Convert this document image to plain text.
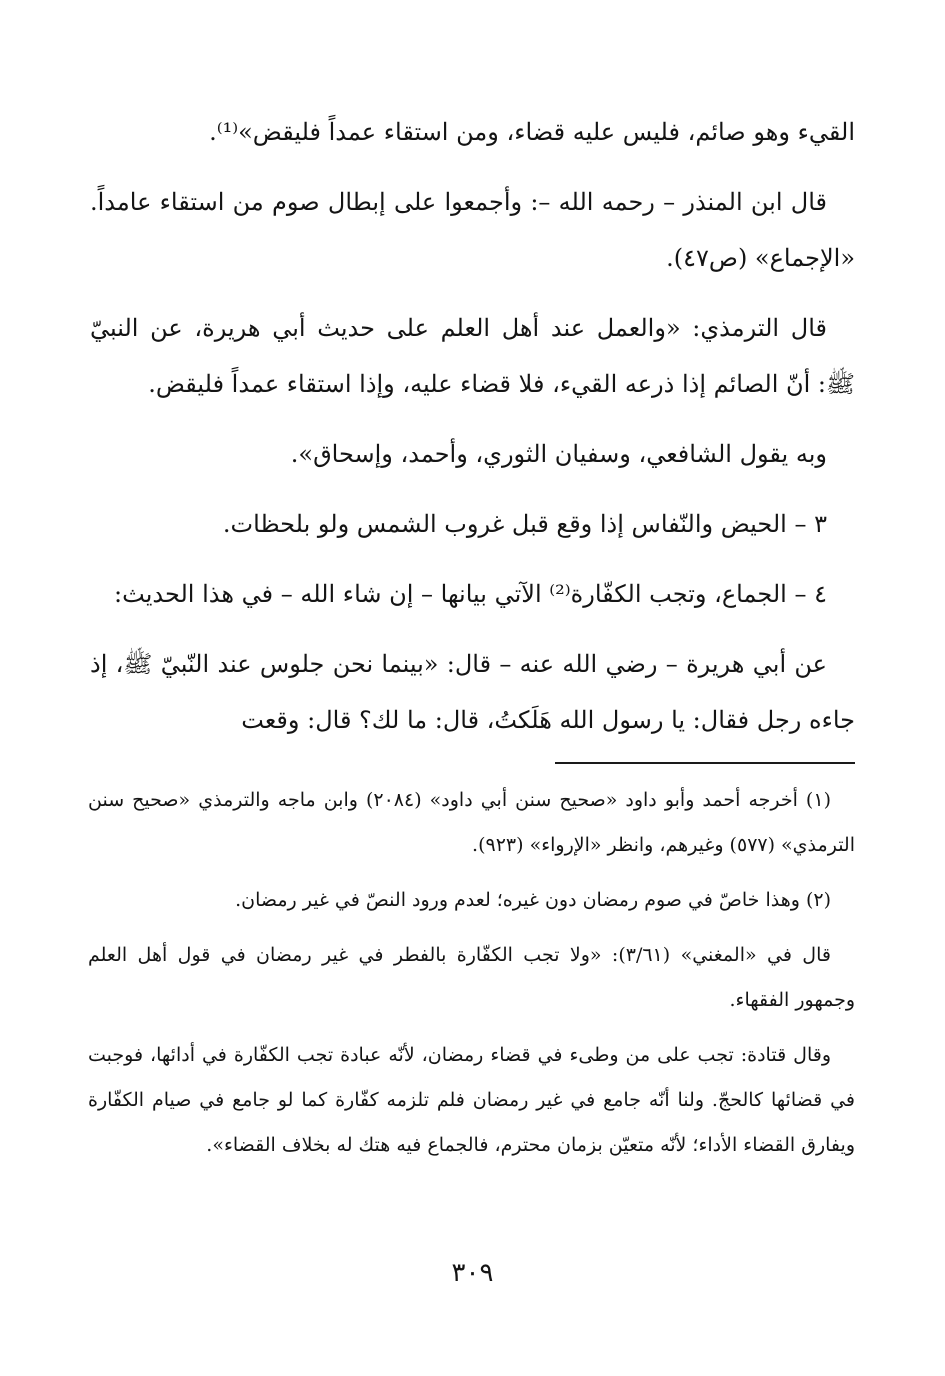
القيء وهو صائم، فليس عليه قضاء، ومن استقاء عمداً فليقض»⁽¹⁾.

قال ابن المنذر – رحمه الله –: وأجمعوا على إبطال صوم من استقاء عامداً. «الإجماع» (ص٤٧).

قال الترمذي: «والعمل عند أهل العلم على حديث أبي هريرة، عن النبيّ ﷺ: أنّ الصائم إذا ذرعه القيء، فلا قضاء عليه، وإذا استقاء عمداً فليقض.

وبه يقول الشافعي، وسفيان الثوري، وأحمد، وإسحاق».

٣ – الحيض والنّفاس إذا وقع قبل غروب الشمس ولو بلحظات.

٤ – الجماع، وتجب الكفّارة⁽²⁾ الآتي بيانها – إن شاء الله – في هذا الحديث:

عن أبي هريرة – رضي الله عنه – قال: «بينما نحن جلوس عند النّبيّ ﷺ، إذ جاءه رجل فقال: يا رسول الله هَلَكتُ، قال: ما لك؟ قال: وقعت

(١) أخرجه أحمد وأبو داود «صحيح سنن أبي داود» (٢٠٨٤) وابن ماجه والترمذي «صحيح سنن الترمذي» (٥٧٧) وغيرهم، وانظر «الإرواء» (٩٢٣).

(٢) وهذا خاصّ في صوم رمضان دون غيره؛ لعدم ورود النصّ في غير رمضان.

قال في «المغني» (٣/٦١): «ولا تجب الكفّارة بالفطر في غير رمضان في قول أهل العلم وجمهور الفقهاء.

وقال قتادة: تجب على من وطىء في قضاء رمضان، لأنّه عبادة تجب الكفّارة في أدائها، فوجبت في قضائها كالحجّ. ولنا أنّه جامع في غير رمضان فلم تلزمه كفّارة كما لو جامع في صيام الكفّارة ويفارق القضاء الأداء؛ لأنّه متعيّن بزمان محترم، فالجماع فيه هتك له بخلاف القضاء».

٣٠٩
